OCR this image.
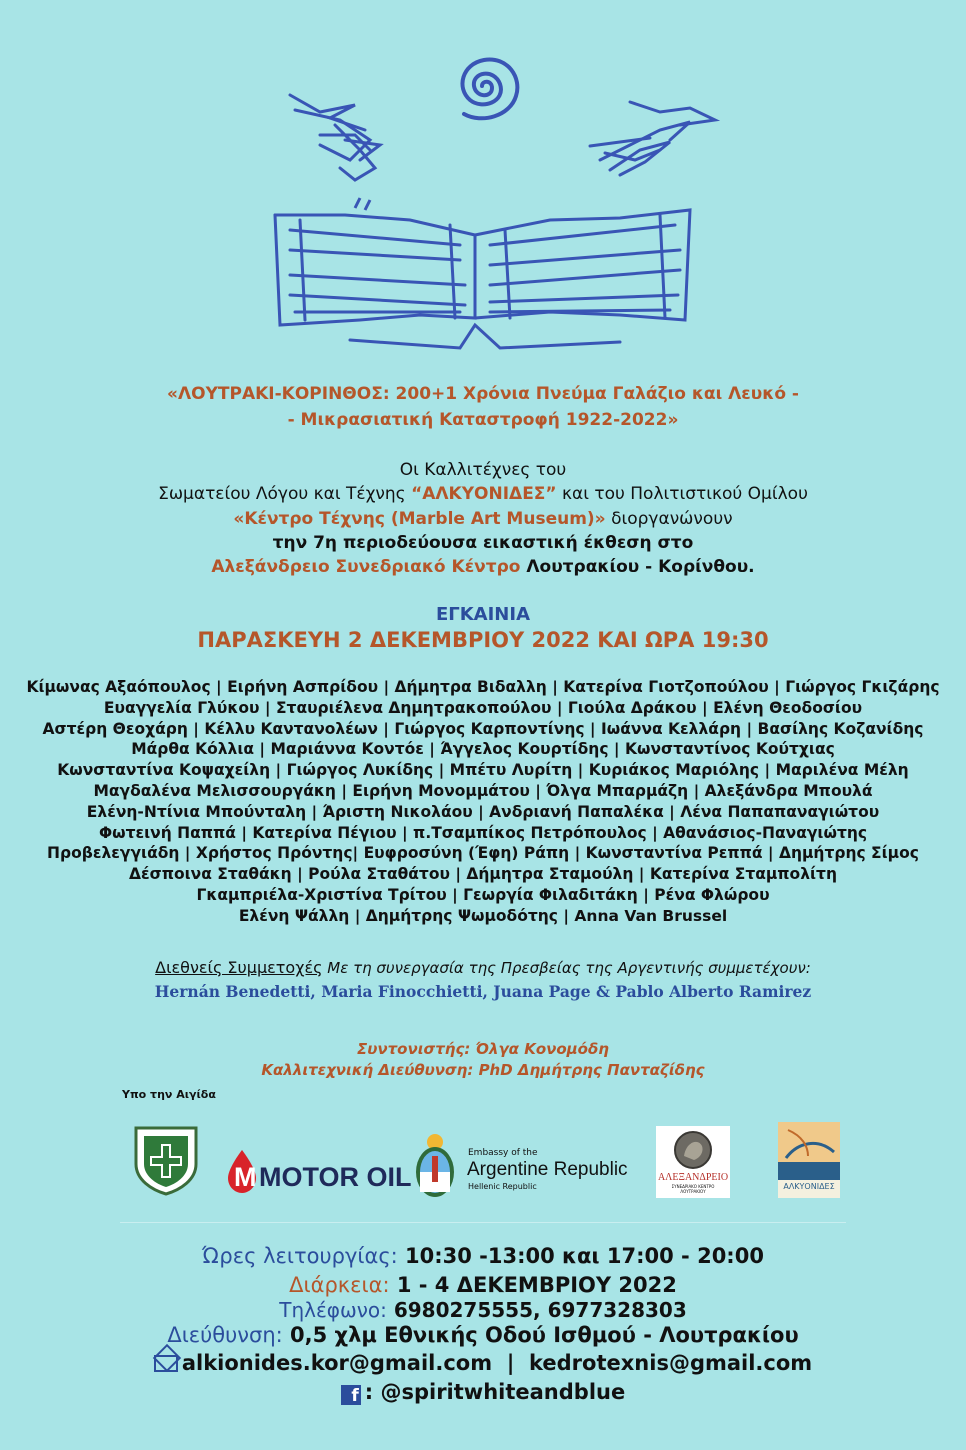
«ΛΟΥΤΡΑΚΙ-ΚΟΡΙΝΘΟΣ: 200+1 Χρόνια Πνεύμα Γαλάζιο και Λευκό -
- Μικρασιατική Καταστροφή 1922-2022»
Οι Καλλιτέχνες του
Σωματείου Λόγου και Τέχνης “ΑΛΚΥΟΝΙΔΕΣ” και του Πολιτιστικού Ομίλου
«Κέντρο Τέχνης (Marble Art Museum)» διοργανώνουν
την 7η περιοδεύουσα εικαστική έκθεση στο
Αλεξάνδρειο Συνεδριακό Κέντρο Λουτρακίου - Κορίνθου.
ΕΓΚΑΙΝΙΑ
ΠΑΡΑΣΚΕΥΗ 2 ΔΕΚΕΜΒΡΙΟΥ 2022 ΚΑΙ ΩΡΑ 19:30
Κίμωνας Αξαόπουλος | Ειρήνη Ασπρίδου | Δήμητρα Βιδαλλη | Κατερίνα Γιοτζοπούλου | Γιώργος Γκιζάρης
Ευαγγελία Γλύκου | Σταυριέλενα Δημητρακοπούλου | Γιούλα Δράκου | Ελένη Θεοδοσίου
Αστέρη Θεοχάρη | Κέλλυ Καντανολέων | Γιώργος Καρποντίνης | Ιωάννα Κελλάρη | Βασίλης Κοζανίδης
Μάρθα Κόλλια | Μαριάννα Κοντόε | Άγγελος Κουρτίδης | Κωνσταντίνος Κούτχιας
Κωνσταντίνα Κοψαχείλη | Γιώργος Λυκίδης | Μπέτυ Λυρίτη | Κυριάκος Μαριόλης | Μαριλένα Μέλη
Μαγδαλένα Μελισσουργάκη | Ειρήνη Μονομμάτου | Όλγα Μπαρμάζη | Αλεξάνδρα Μπουλά
Ελένη-Ντίνια Μπούνταλη | Άριστη Νικολάου | Ανδριανή Παπαλέκα | Λένα Παπαπαναγιώτου
Φωτεινή Παππά | Κατερίνα Πέγιου | π.Τσαμπίκος Πετρόπουλος | Αθανάσιος-Παναγιώτης
Προβελεγγιάδη | Χρήστος Πρόντης| Ευφροσύνη (Έφη) Ράπη | Κωνσταντίνα Ρεππά | Δημήτρης Σίμος
Δέσποινα Σταθάκη | Ρούλα Σταθάτου | Δήμητρα Σταμούλη | Κατερίνα Σταμπολίτη
Γκαμπριέλα-Χριστίνα Τρίτου | Γεωργία Φιλαδιτάκη | Ρένα Φλώρου
Ελένη Ψάλλη | Δημήτρης Ψωμοδότης | Anna Van Brussel
Διεθνείς Συμμετοχές Με τη συνεργασία της Πρεσβείας της Αργεντινής συμμετέχουν:
Hernán Benedetti, Maria Finocchietti, Juana Page & Pablo Alberto Ramirez
Συντονιστής: Όλγα Κονομόδη
Καλλιτεχνική Διεύθυνση: PhD Δημήτρης Πανταζίδης
Υπο την Αιγίδα
M MOTOR OIL
Embassy of the
Argentine Republic
Hellenic Republic
ΑΛΕΞΑΝΔΡΕΙΟ
ΣΥΝΕΔΡΙΑΚΟ ΚΕΝΤΡΟ ΛΟΥΤΡΑΚΙΟΥ
ΑΛΚΥΟΝΙΔΕΣ
Ώρες λειτουργίας: 10:30 -13:00 και 17:00 - 20:00
Διάρκεια: 1 - 4 ΔΕΚΕΜΒΡΙΟΥ 2022
Τηλέφωνο: 6980275555, 6977328303
Διεύθυνση: 0,5 χλμ Εθνικής Οδού Ισθμού - Λουτρακίου
alkionides.kor@gmail.com  |  kedrotexnis@gmail.com
f : @spiritwhiteandblue
